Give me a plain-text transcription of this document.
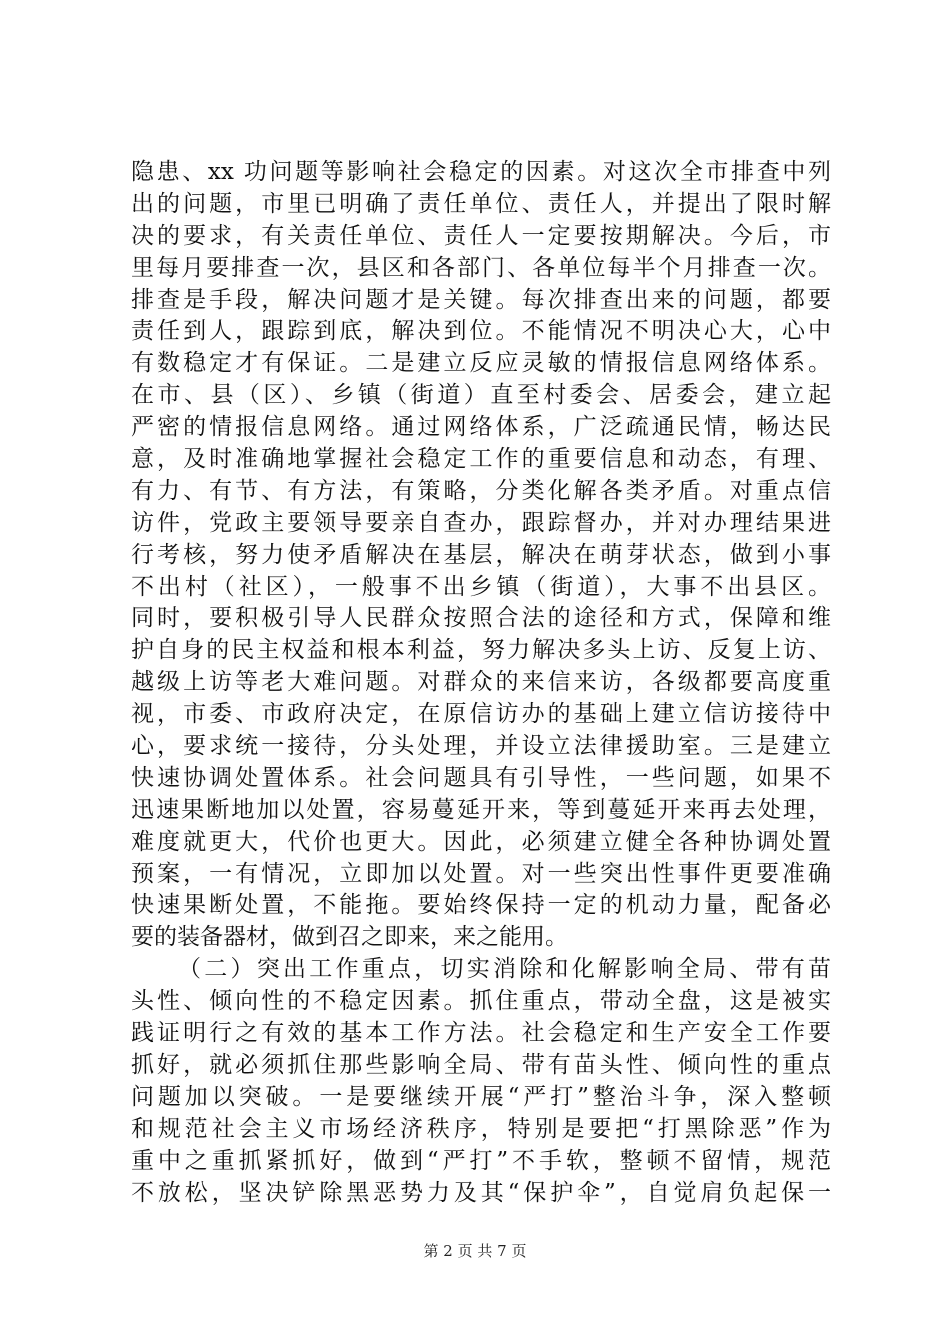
隐患、xx 功问题等影响社会稳定的因素。对这次全市排查中列
出的问题，市里已明确了责任单位、责任人，并提出了限时解
决的要求，有关责任单位、责任人一定要按期解决。今后，市
里每月要排查一次，县区和各部门、各单位每半个月排查一次。
排查是手段，解决问题才是关键。每次排查出来的问题，都要
责任到人，跟踪到底，解决到位。不能情况不明决心大，心中
有数稳定才有保证。二是建立反应灵敏的情报信息网络体系。
在市、县（区）、乡镇（街道）直至村委会、居委会，建立起
严密的情报信息网络。通过网络体系，广泛疏通民情，畅达民
意，及时准确地掌握社会稳定工作的重要信息和动态，有理、
有力、有节、有方法，有策略，分类化解各类矛盾。对重点信
访件，党政主要领导要亲自查办，跟踪督办，并对办理结果进
行考核，努力使矛盾解决在基层，解决在萌芽状态，做到小事
不出村（社区），一般事不出乡镇（街道），大事不出县区。
同时，要积极引导人民群众按照合法的途径和方式，保障和维
护自身的民主权益和根本利益，努力解决多头上访、反复上访、
越级上访等老大难问题。对群众的来信来访，各级都要高度重
视，市委、市政府决定，在原信访办的基础上建立信访接待中
心，要求统一接待，分头处理，并设立法律援助室。三是建立
快速协调处置体系。社会问题具有引导性，一些问题，如果不
迅速果断地加以处置，容易蔓延开来，等到蔓延开来再去处理，
难度就更大，代价也更大。因此，必须建立健全各种协调处置
预案，一有情况，立即加以处置。对一些突出性事件更要准确
快速果断处置，不能拖。要始终保持一定的机动力量，配备必
要的装备器材，做到召之即来，来之能用。
（二）突出工作重点，切实消除和化解影响全局、带有苗
头性、倾向性的不稳定因素。抓住重点，带动全盘，这是被实
践证明行之有效的基本工作方法。社会稳定和生产安全工作要
抓好，就必须抓住那些影响全局、带有苗头性、倾向性的重点
问题加以突破。一是要继续开展“严打”整治斗争，深入整顿
和规范社会主义市场经济秩序，特别是要把“打黑除恶”作为
重中之重抓紧抓好，做到“严打”不手软，整顿不留情，规范
不放松，坚决铲除黑恶势力及其“保护伞”，自觉肩负起保一
第 2 页 共 7 页
